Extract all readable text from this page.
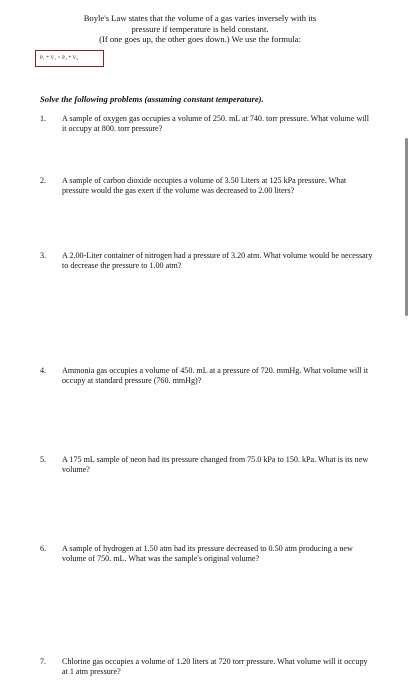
Boyle's Law states that the volume of a gas varies inversely with its
pressure if temperature is held constant.
(If one goes up, the other goes down.) We use the formula:
P₁ * V₁ = P₂ * V₂
Solve the following problems (assuming constant temperature).
1. A sample of oxygen gas occupies a volume of 250. mL at 740. torr pressure. What volume will it occupy at 800. torr pressure?
2. A sample of carbon dioxide occupies a volume of 3.50 Liters at 125 kPa pressure. What pressure would the gas exert if the volume was decreased to 2.00 liters?
3. A 2.00-Liter container of nitrogen had a pressure of 3.20 atm. What volume would be necessary to decrease the pressure to 1.00 atm?
4. Ammonia gas occupies a volume of 450. mL at a pressure of 720. mmHg. What volume will it occupy at standard pressure (760. mmHg)?
5. A 175 mL sample of neon had its pressure changed from 75.0 kPa to 150. kPa. What is its new volume?
6. A sample of hydrogen at 1.50 atm had its pressure decreased to 0.50 atm producing a new volume of 750. mL. What was the sample's original volume?
7. Chlorine gas occupies a volume of 1.20 liters at 720 torr pressure. What volume will it occupy at 1 atm pressure?
